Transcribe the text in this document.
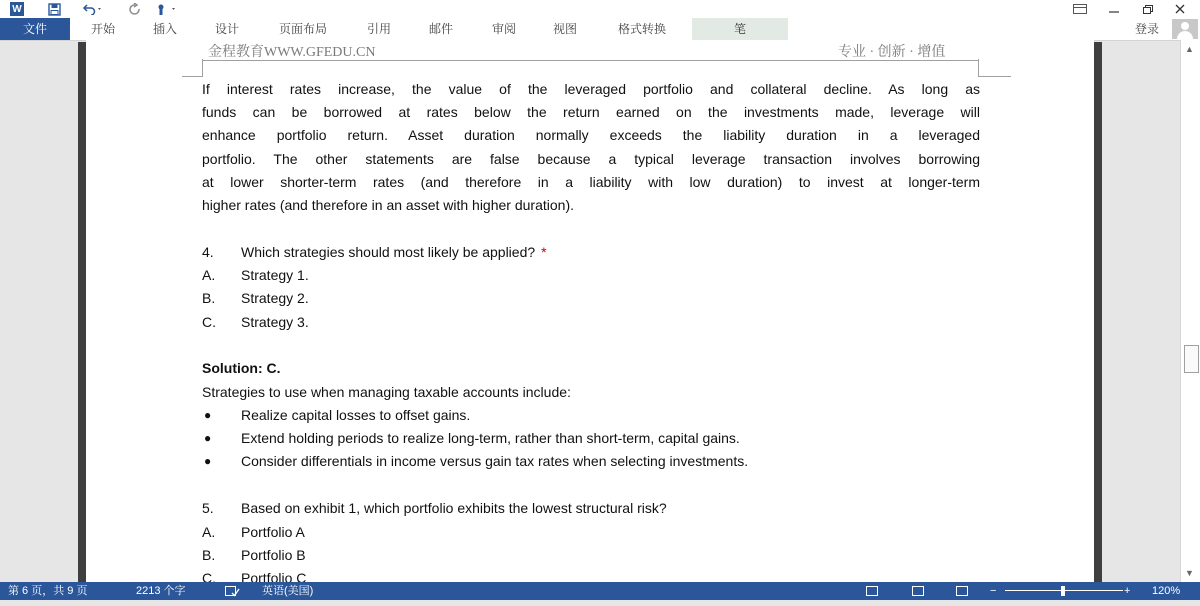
W
文件	开始	插入	设计	页面布局	引用	邮件	审阅	视图	格式转换	笔	登录
金程教育WWW.GFEDU.CN	专业 · 创新 · 增值
If interest rates increase, the value of the leveraged portfolio and collateral decline. As long as
funds can be borrowed at rates below the return earned on the investments made, leverage will
enhance portfolio return. Asset duration normally exceeds the liability duration in a leveraged
portfolio. The other statements are false because a typical leverage transaction involves borrowing
at lower shorter-term rates (and therefore in a liability with low duration) to invest at longer-term
higher rates (and therefore in an asset with higher duration).
4. Which strategies should most likely be applied? *
A. Strategy 1.
B. Strategy 2.
C. Strategy 3.
Solution: C.
Strategies to use when managing taxable accounts include:
● Realize capital losses to offset gains.
● Extend holding periods to realize long-term, rather than short-term, capital gains.
● Consider differentials in income versus gain tax rates when selecting investments.
5. Based on exhibit 1, which portfolio exhibits the lowest structural risk?
A. Portfolio A
B. Portfolio B
C. Portfolio C
▲
▼
第 6 页，共 9 页	2213 个字	英语(美国)	−	+ 120%
